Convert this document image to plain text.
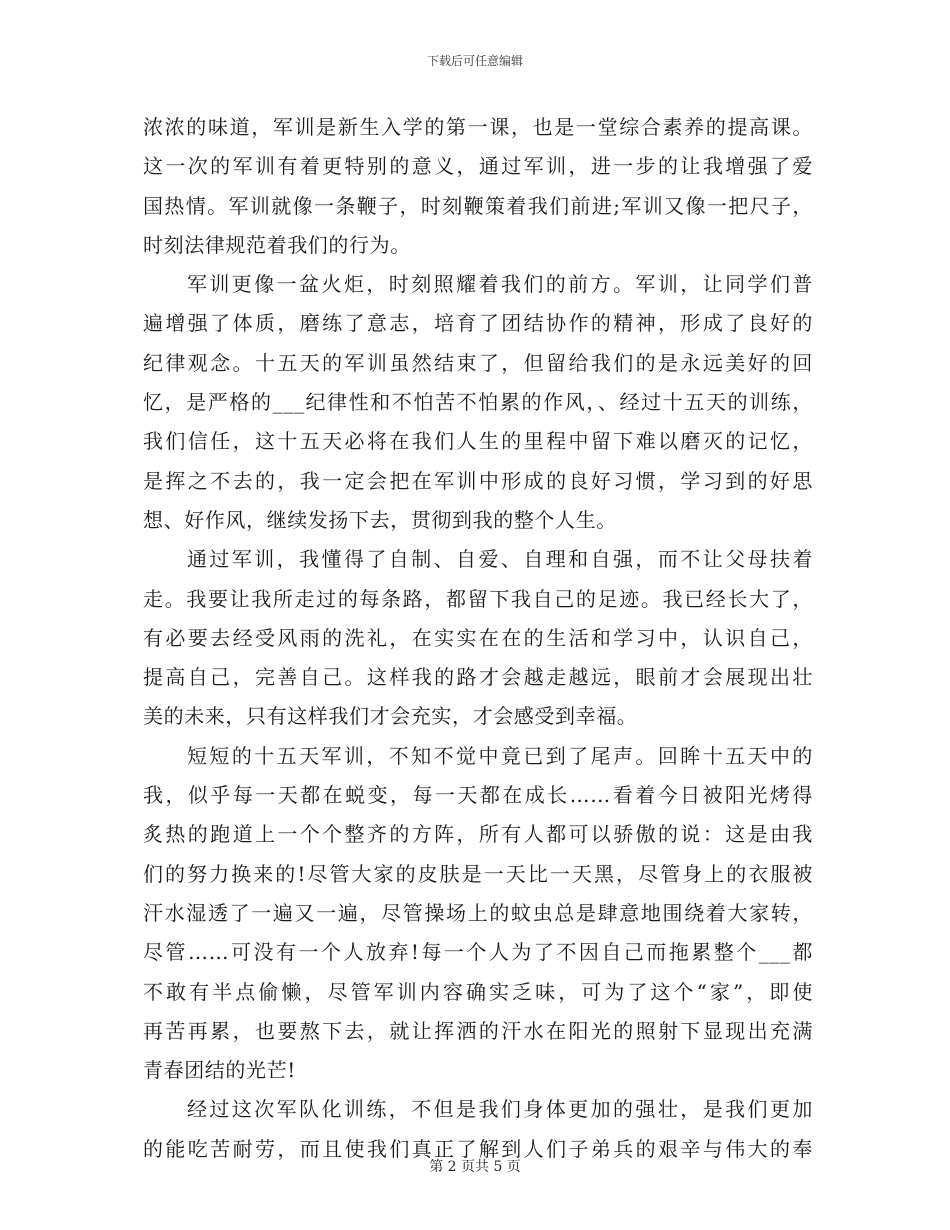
下载后可任意编辑
浓浓的味道，军训是新生入学的第一课，也是一堂综合素养的提高课。
这一次的军训有着更特别的意义，通过军训，进一步的让我增强了爱
国热情。军训就像一条鞭子，时刻鞭策着我们前进;军训又像一把尺子，
时刻法律规范着我们的行为。
军训更像一盆火炬，时刻照耀着我们的前方。军训，让同学们普
遍增强了体质，磨练了意志，培育了团结协作的精神，形成了良好的
纪律观念。十五天的军训虽然结束了，但留给我们的是永远美好的回
忆，是严格的___纪律性和不怕苦不怕累的作风，、经过十五天的训练，
我们信任，这十五天必将在我们人生的里程中留下难以磨灭的记忆，
是挥之不去的，我一定会把在军训中形成的良好习惯，学习到的好思
想、好作风，继续发扬下去，贯彻到我的整个人生。
通过军训，我懂得了自制、自爱、自理和自强，而不让父母扶着
走。我要让我所走过的每条路，都留下我自己的足迹。我已经长大了，
有必要去经受风雨的洗礼，在实实在在的生活和学习中，认识自己，
提高自己，完善自己。这样我的路才会越走越远，眼前才会展现出壮
美的未来，只有这样我们才会充实，才会感受到幸福。
短短的十五天军训，不知不觉中竟已到了尾声。回眸十五天中的
我，似乎每一天都在蜕变，每一天都在成长……看着今日被阳光烤得
炙热的跑道上一个个整齐的方阵，所有人都可以骄傲的说：这是由我
们的努力换来的!尽管大家的皮肤是一天比一天黑，尽管身上的衣服被
汗水湿透了一遍又一遍，尽管操场上的蚊虫总是肆意地围绕着大家转，
尽管……可没有一个人放弃!每一个人为了不因自己而拖累整个___都
不敢有半点偷懒，尽管军训内容确实乏味，可为了这个“家”，即使
再苦再累，也要熬下去，就让挥洒的汗水在阳光的照射下显现出充满
青春团结的光芒!
经过这次军队化训练，不但是我们身体更加的强壮，是我们更加
的能吃苦耐劳，而且使我们真正了解到人们子弟兵的艰辛与伟大的奉
第 2 页共 5 页
